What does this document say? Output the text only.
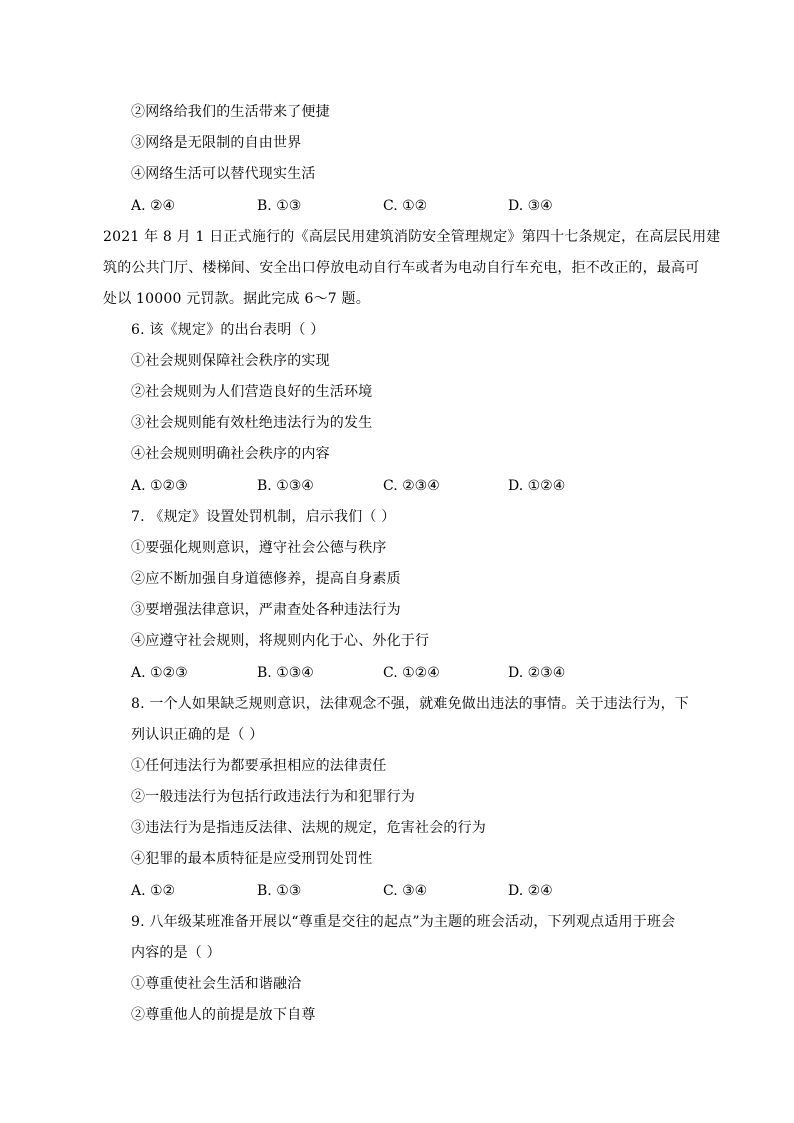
②网络给我们的生活带来了便捷
③网络是无限制的自由世界
④网络生活可以替代现实生活
A. ②④	B. ①③	C. ①②	D. ③④
2021 年 8 月 1 日正式施行的《高层民用建筑消防安全管理规定》第四十七条规定，在高层民用建
筑的公共门厅、楼梯间、安全出口停放电动自行车或者为电动自行车充电，拒不改正的，最高可
处以 10000 元罚款。据此完成 6～7 题。
6. 该《规定》的出台表明（ ）
①社会规则保障社会秩序的实现
②社会规则为人们营造良好的生活环境
③社会规则能有效杜绝违法行为的发生
④社会规则明确社会秩序的内容
A. ①②③	B. ①③④	C. ②③④	D. ①②④
7. 《规定》设置处罚机制，启示我们（ ）
①要强化规则意识，遵守社会公德与秩序
②应不断加强自身道德修养，提高自身素质
③要增强法律意识，严肃查处各种违法行为
④应遵守社会规则，将规则内化于心、外化于行
A. ①②③	B. ①③④	C. ①②④	D. ②③④
8. 一个人如果缺乏规则意识，法律观念不强，就难免做出违法的事情。关于违法行为，下
列认识正确的是（ ）
①任何违法行为都要承担相应的法律责任
②一般违法行为包括行政违法行为和犯罪行为
③违法行为是指违反法律、法规的规定，危害社会的行为
④犯罪的最本质特征是应受刑罚处罚性
A. ①②	B. ①③	C. ③④	D. ②④
9. 八年级某班准备开展以“尊重是交往的起点”为主题的班会活动，下列观点适用于班会
内容的是（ ）
①尊重使社会生活和谐融洽
②尊重他人的前提是放下自尊
